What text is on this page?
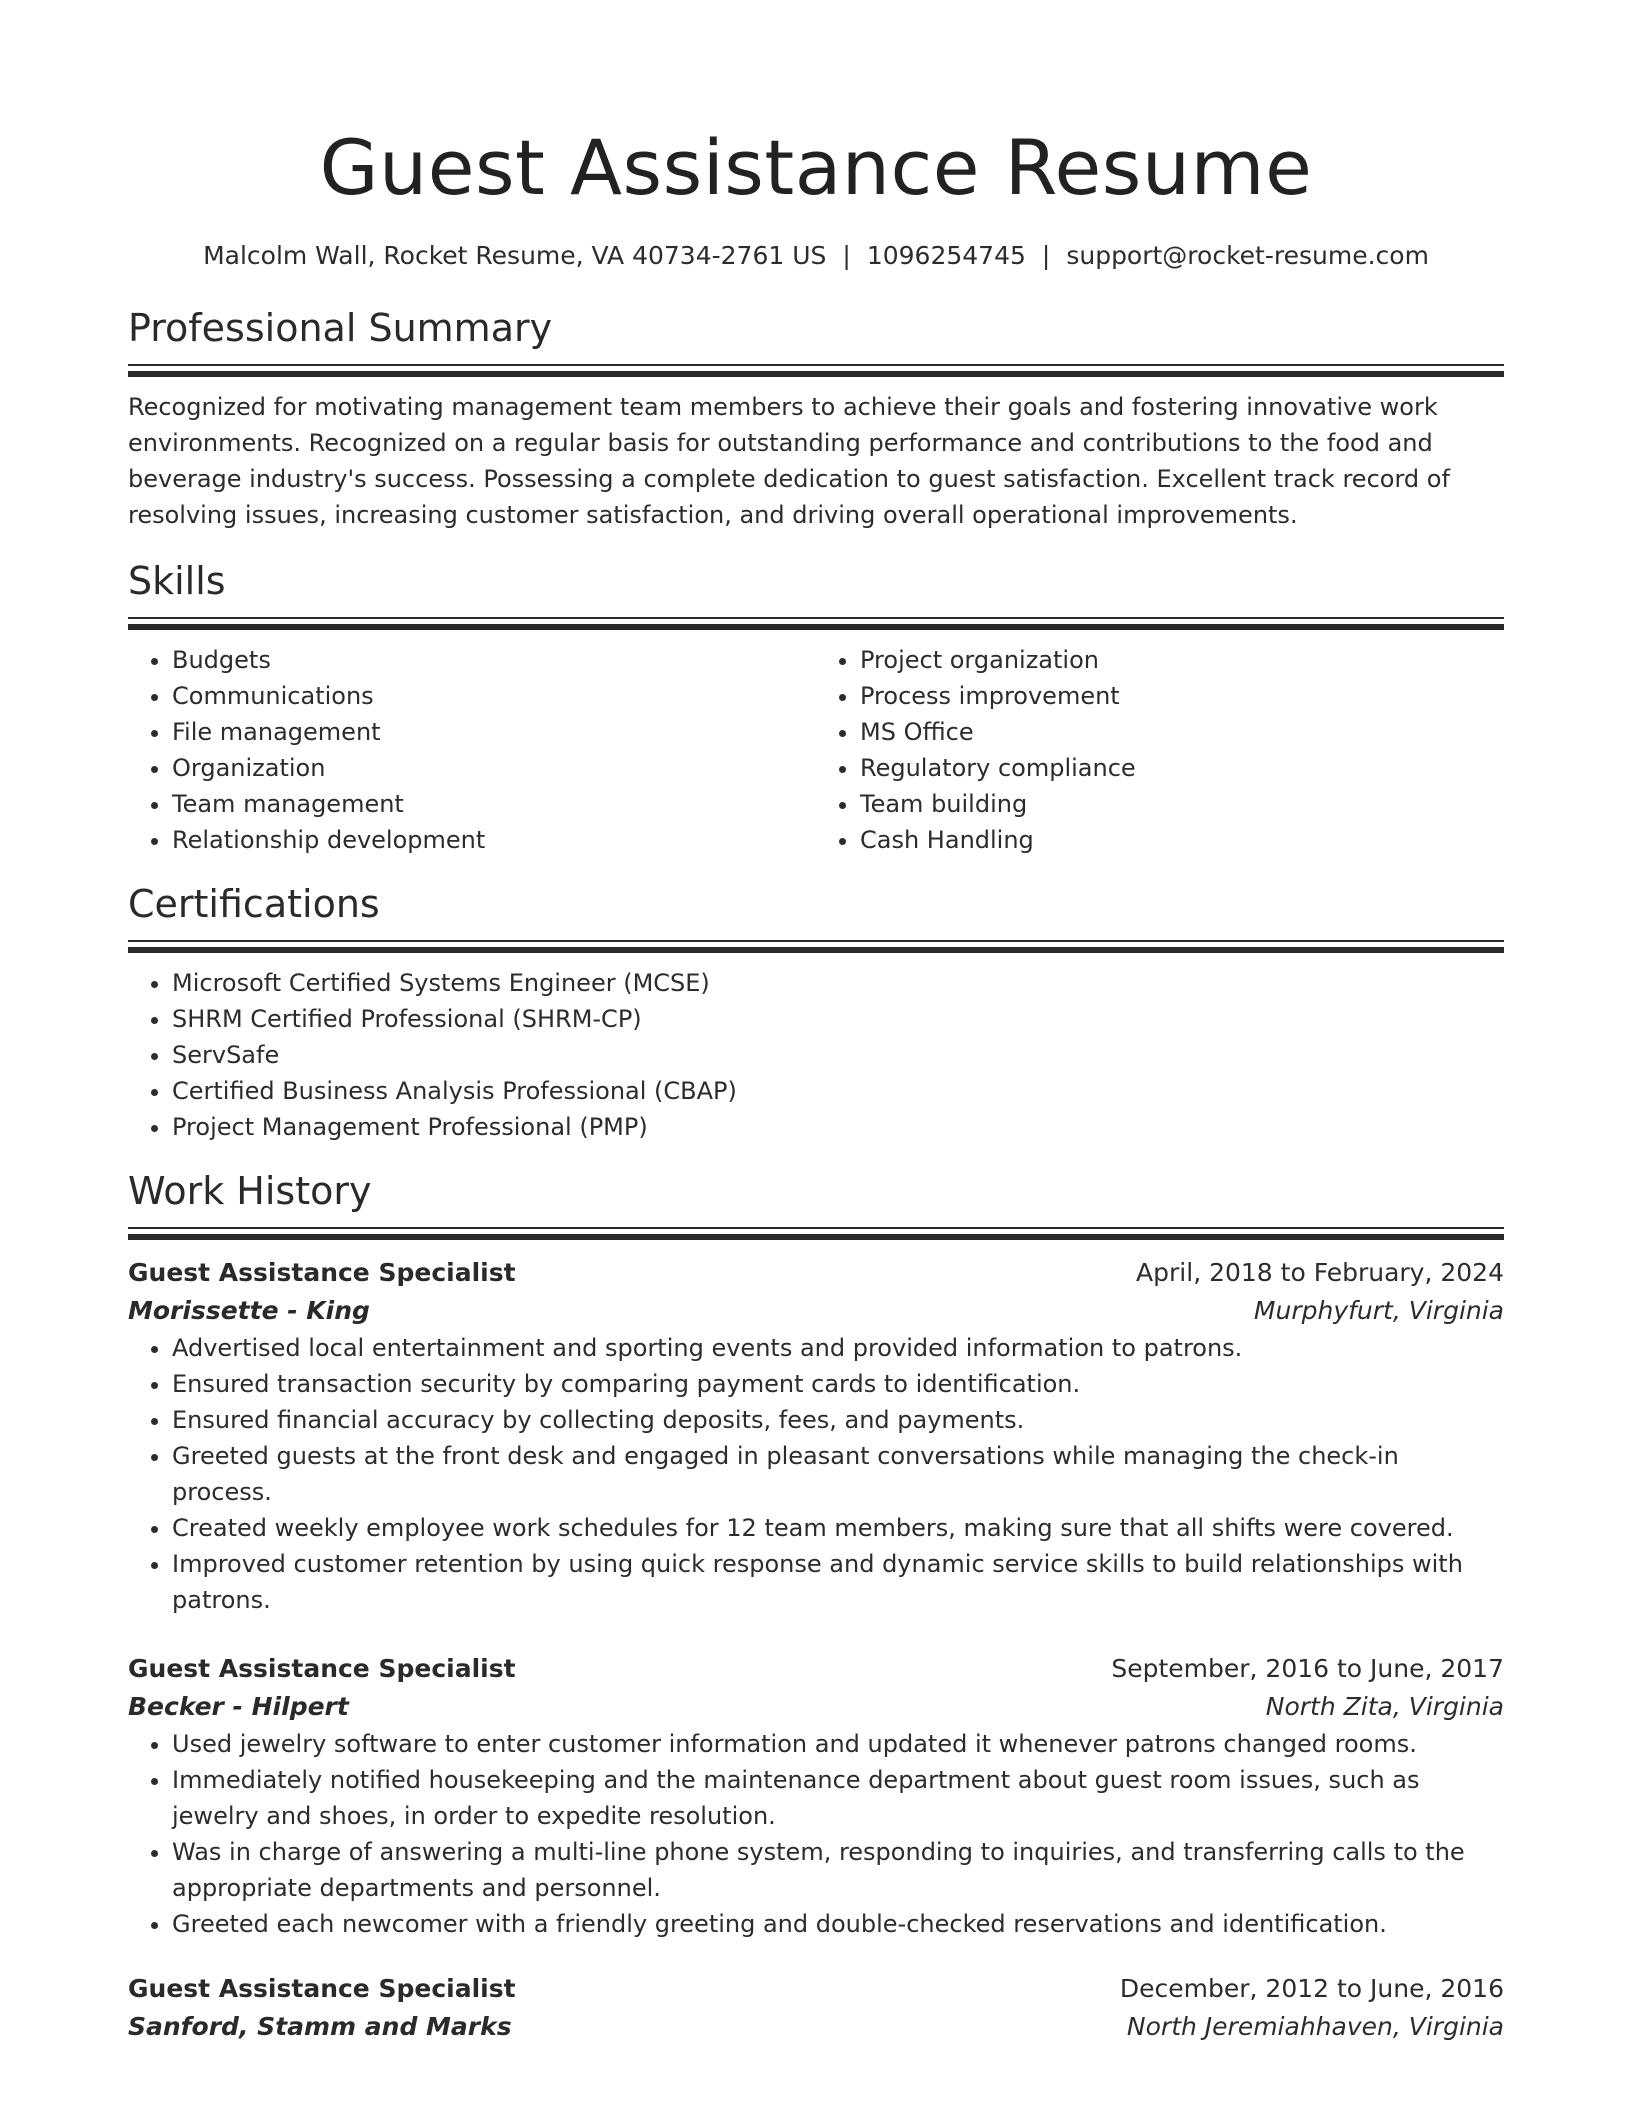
Guest Assistance Resume
Malcolm Wall, Rocket Resume, VA 40734-2761 US | 1096254745 | support@rocket-resume.com
Professional Summary

Recognized for motivating management team members to achieve their goals and fostering innovative work environments. Recognized on a regular basis for outstanding performance and contributions to the food and beverage industry's success. Possessing a complete dedication to guest satisfaction. Excellent track record of resolving issues, increasing customer satisfaction, and driving overall operational improvements.

Skills
• Budgets
• Communications
• File management
• Organization
• Team management
• Relationship development
• Project organization
• Process improvement
• MS Office
• Regulatory compliance
• Team building
• Cash Handling
Certifications
• Microsoft Certified Systems Engineer (MCSE)
• SHRM Certified Professional (SHRM-CP)
• ServSafe
• Certified Business Analysis Professional (CBAP)
• Project Management Professional (PMP)
Work History
Guest Assistance Specialist	April, 2018 to February, 2024
Morissette - King	Murphyfurt, Virginia
• Advertised local entertainment and sporting events and provided information to patrons.
• Ensured transaction security by comparing payment cards to identification.
• Ensured financial accuracy by collecting deposits, fees, and payments.
• Greeted guests at the front desk and engaged in pleasant conversations while managing the check-in process.
• Created weekly employee work schedules for 12 team members, making sure that all shifts were covered.
• Improved customer retention by using quick response and dynamic service skills to build relationships with patrons.
Guest Assistance Specialist	September, 2016 to June, 2017
Becker - Hilpert	North Zita, Virginia
• Used jewelry software to enter customer information and updated it whenever patrons changed rooms.
• Immediately notified housekeeping and the maintenance department about guest room issues, such as jewelry and shoes, in order to expedite resolution.
• Was in charge of answering a multi-line phone system, responding to inquiries, and transferring calls to the appropriate departments and personnel.
• Greeted each newcomer with a friendly greeting and double-checked reservations and identification.
Guest Assistance Specialist	December, 2012 to June, 2016
Sanford, Stamm and Marks	North Jeremiahhaven, Virginia
